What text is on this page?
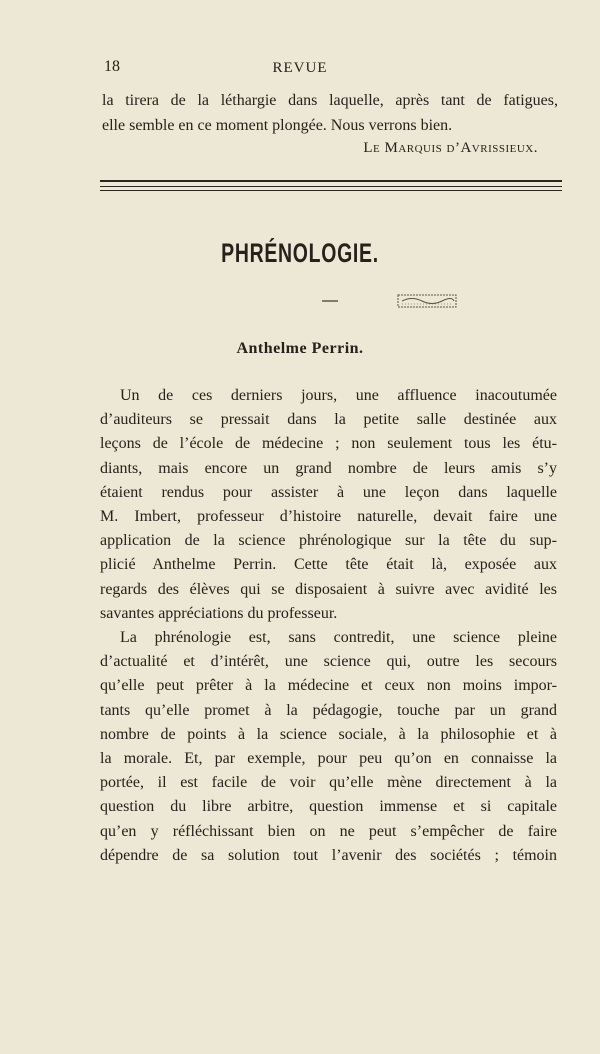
18	REVUE

la tirera de la léthargie dans laquelle, après tant de fatigues,

elle semble en ce moment plongée. Nous verrons bien.

Le Marquis d’Avrissieux.
PHRÉNOLOGIE.
Anthelme Perrin.

Un de ces derniers jours, une affluence inacoutumée
d’auditeurs se pressait dans la petite salle destinée aux
leçons de l’école de médecine ; non seulement tous les étu-
diants, mais encore un grand nombre de leurs amis s’y
étaient rendus pour assister à une leçon dans laquelle
M. Imbert, professeur d’histoire naturelle, devait faire une
application de la science phrénologique sur la tête du sup-
plicié Anthelme Perrin. Cette tête était là, exposée aux
regards des élèves qui se disposaient à suivre avec avidité les
savantes appréciations du professeur.

La phrénologie est, sans contredit, une science pleine
d’actualité et d’intérêt, une science qui, outre les secours
qu’elle peut prêter à la médecine et ceux non moins impor-
tants qu’elle promet à la pédagogie, touche par un grand
nombre de points à la science sociale, à la philosophie et à
la morale. Et, par exemple, pour peu qu’on en connaisse la
portée, il est facile de voir qu’elle mène directement à la
question du libre arbitre, question immense et si capitale
qu’en y réfléchissant bien on ne peut s’empêcher de faire
dépendre de sa solution tout l’avenir des sociétés ; témoin
